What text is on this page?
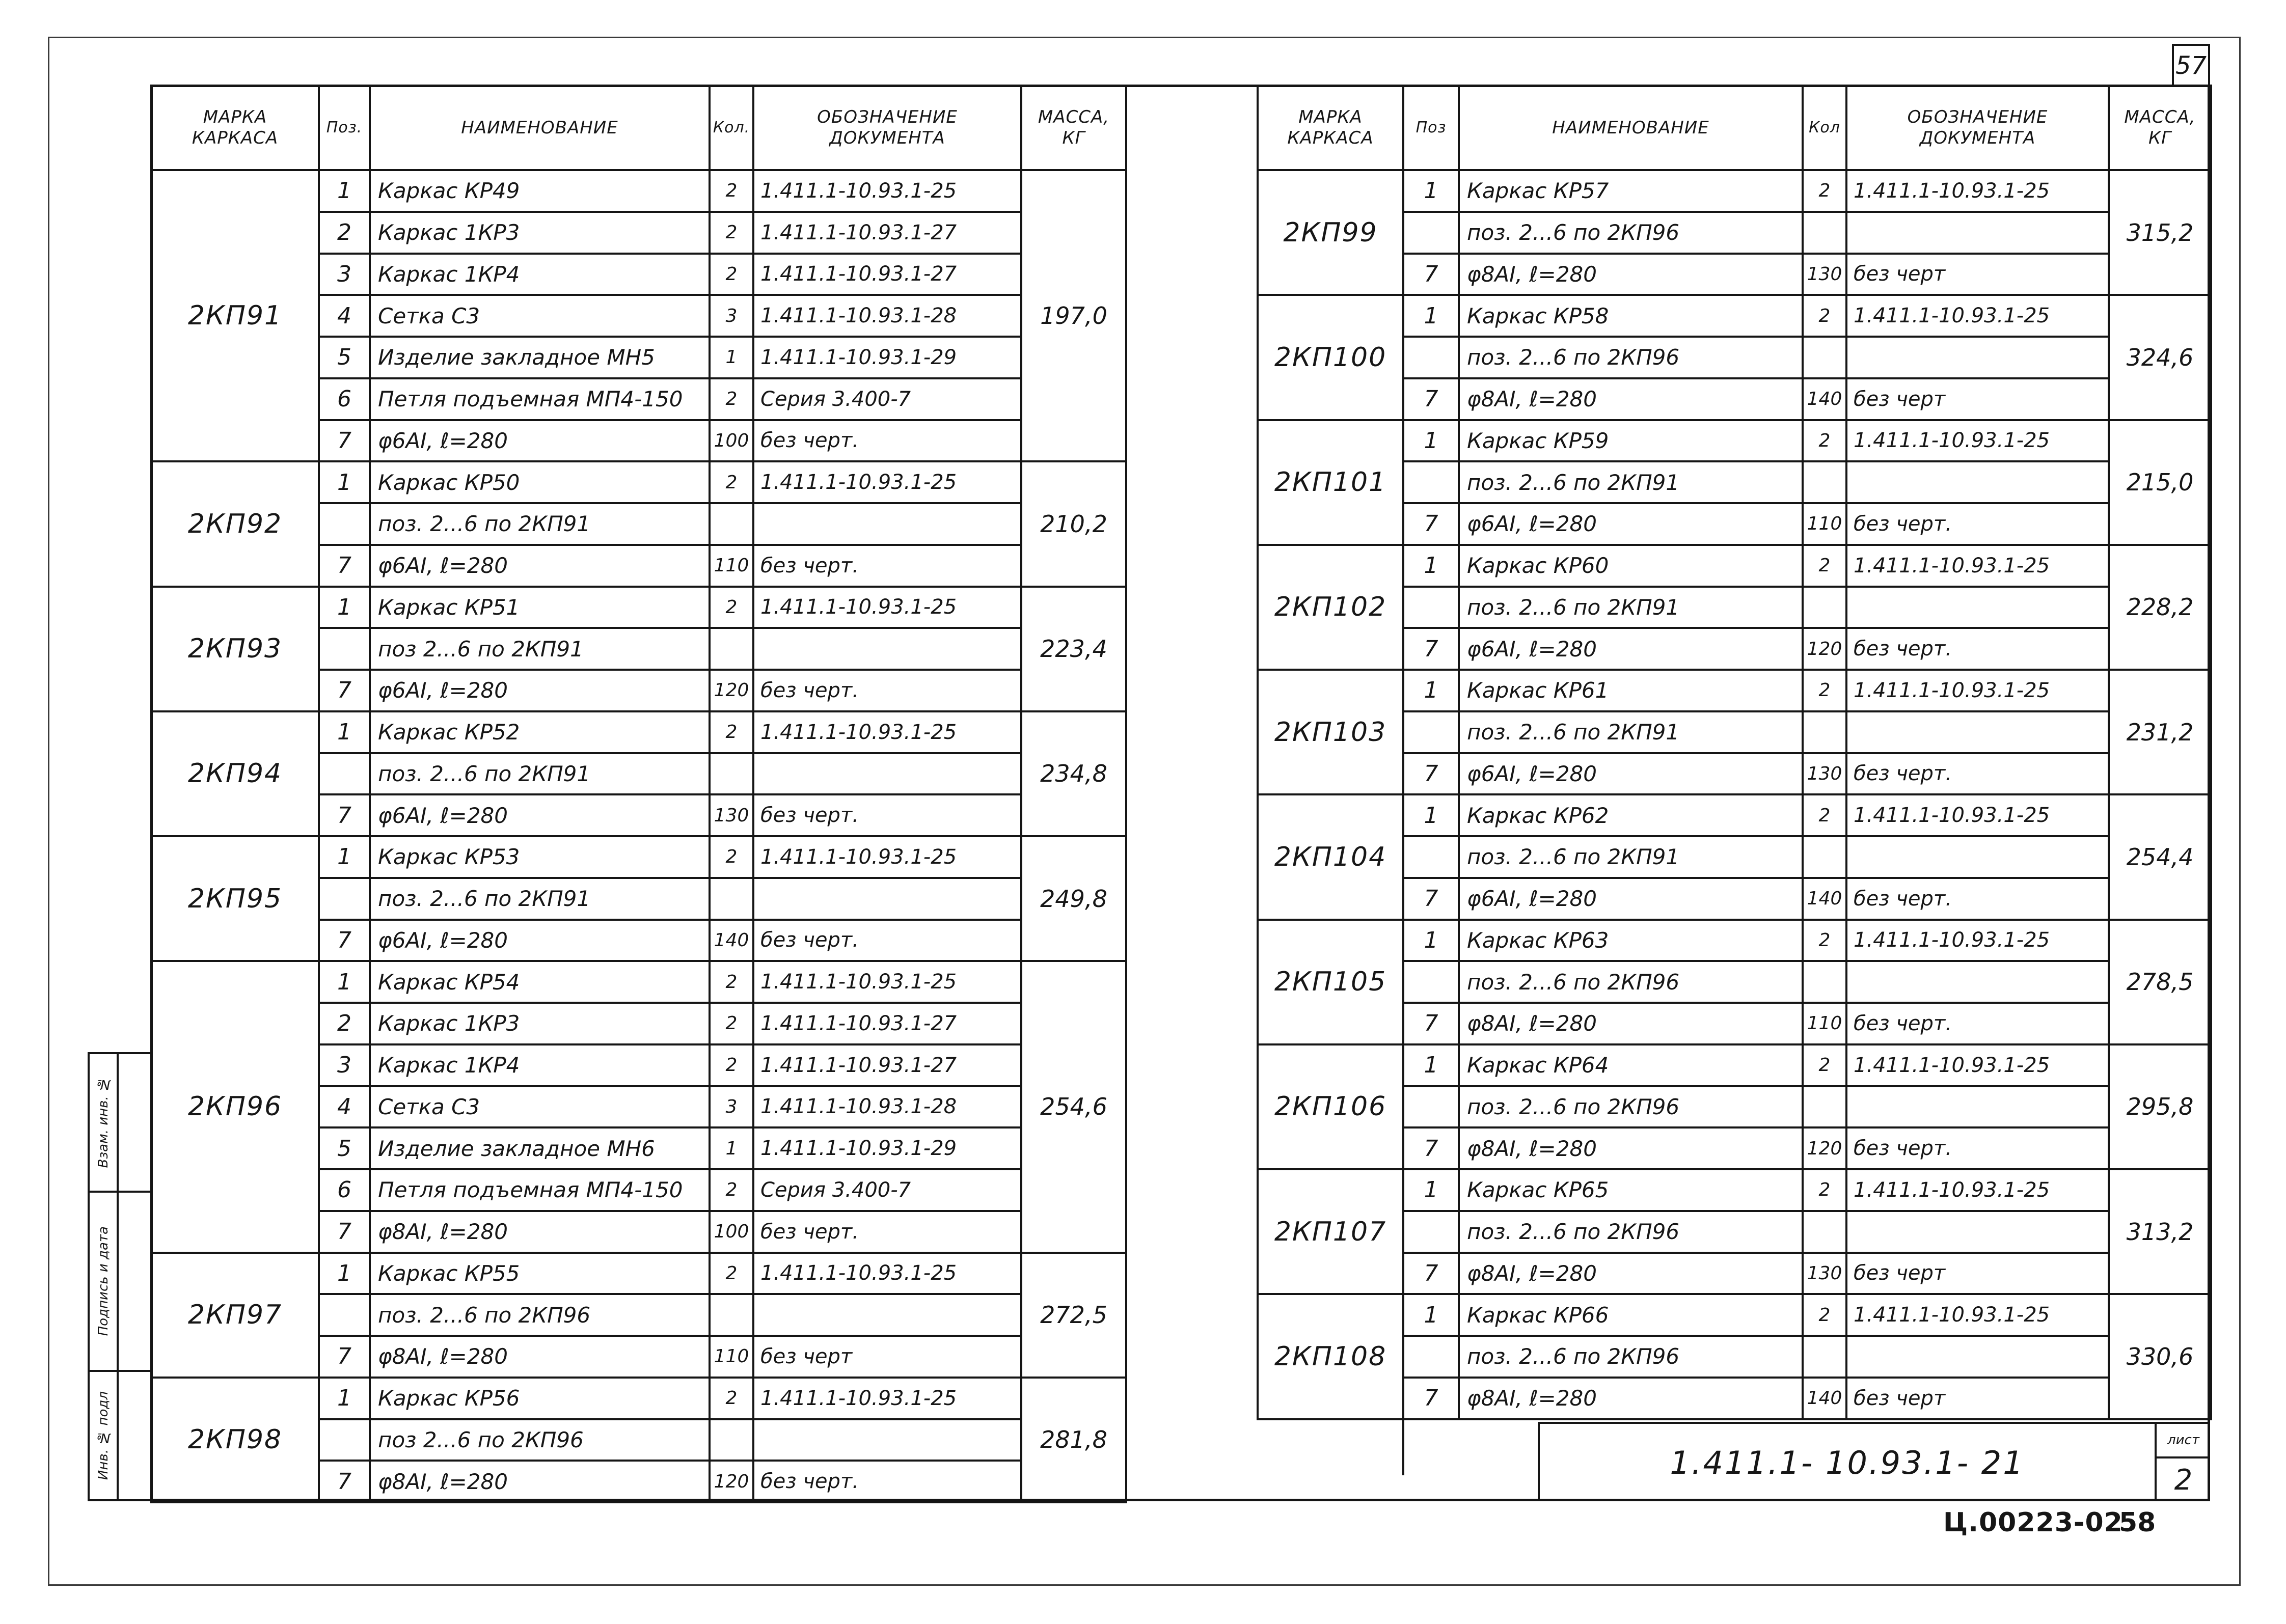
57
МАРКА
КАРКАСА	Поз.	НАИМЕНОВАНИЕ	Кол.	ОБОЗНАЧЕНИЕ
ДОКУМЕНТА	МАССА,
КГ

2КП91	1	Каркас КР49	2	1.411.1-10.93.1-25	197,0
	2	Каркас 1КР3	2	1.411.1-10.93.1-27	
	3	Каркас 1КР4	2	1.411.1-10.93.1-27	
	4	Сетка С3	3	1.411.1-10.93.1-28	
	5	Изделие закладное МН5	1	1.411.1-10.93.1-29	
	6	Петля подъемная МП4-150	2	Серия 3.400-7	
	7	φ6АI, ℓ=280	100	без черт.	
2КП92	1	Каркас КР50	2	1.411.1-10.93.1-25	210,2
		поз. 2...6 по 2КП91			
	7	φ6АI, ℓ=280	110	без черт.	
2КП93	1	Каркас КР51	2	1.411.1-10.93.1-25	223,4
		поз 2...6 по 2КП91			
	7	φ6АI, ℓ=280	120	без черт.	
2КП94	1	Каркас КР52	2	1.411.1-10.93.1-25	234,8
		поз. 2...6 по 2КП91			
	7	φ6АI, ℓ=280	130	без черт.	
2КП95	1	Каркас КР53	2	1.411.1-10.93.1-25	249,8
		поз. 2...6 по 2КП91			
	7	φ6АI, ℓ=280	140	без черт.	
2КП96	1	Каркас КР54	2	1.411.1-10.93.1-25	254,6
	2	Каркас 1КР3	2	1.411.1-10.93.1-27	
	3	Каркас 1КР4	2	1.411.1-10.93.1-27	
	4	Сетка С3	3	1.411.1-10.93.1-28	
	5	Изделие закладное МН6	1	1.411.1-10.93.1-29	
	6	Петля подъемная МП4-150	2	Серия 3.400-7	
	7	φ8АI, ℓ=280	100	без черт.	
2КП97	1	Каркас КР55	2	1.411.1-10.93.1-25	272,5
		поз. 2...6 по 2КП96			
	7	φ8АI, ℓ=280	110	без черт	
2КП98	1	Каркас КР56	2	1.411.1-10.93.1-25	281,8
		поз 2...6 по 2КП96			
	7	φ8АI, ℓ=280	120	без черт.	
МАРКА
КАРКАСА	Поз	НАИМЕНОВАНИЕ	Кол	ОБОЗНАЧЕНИЕ
ДОКУМЕНТА	МАССА,
КГ

2КП99	1	Каркас КР57	2	1.411.1-10.93.1-25	315,2
		поз. 2...6 по 2КП96			
	7	φ8АI, ℓ=280	130	без черт	
2КП100	1	Каркас КР58	2	1.411.1-10.93.1-25	324,6
		поз. 2...6 по 2КП96			
	7	φ8АI, ℓ=280	140	без черт	
2КП101	1	Каркас КР59	2	1.411.1-10.93.1-25	215,0
		поз. 2...6 по 2КП91			
	7	φ6АI, ℓ=280	110	без черт.	
2КП102	1	Каркас КР60	2	1.411.1-10.93.1-25	228,2
		поз. 2...6 по 2КП91			
	7	φ6АI, ℓ=280	120	без черт.	
2КП103	1	Каркас КР61	2	1.411.1-10.93.1-25	231,2
		поз. 2...6 по 2КП91			
	7	φ6АI, ℓ=280	130	без черт.	
2КП104	1	Каркас КР62	2	1.411.1-10.93.1-25	254,4
		поз. 2...6 по 2КП91			
	7	φ6АI, ℓ=280	140	без черт.	
2КП105	1	Каркас КР63	2	1.411.1-10.93.1-25	278,5
		поз. 2...6 по 2КП96			
	7	φ8АI, ℓ=280	110	без черт.	
2КП106	1	Каркас КР64	2	1.411.1-10.93.1-25	295,8
		поз. 2...6 по 2КП96			
	7	φ8АI, ℓ=280	120	без черт.	
2КП107	1	Каркас КР65	2	1.411.1-10.93.1-25	313,2
		поз. 2...6 по 2КП96			
	7	φ8АI, ℓ=280	130	без черт	
2КП108	1	Каркас КР66	2	1.411.1-10.93.1-25	330,6
		поз. 2...6 по 2КП96			
	7	φ8АI, ℓ=280	140	без черт	
1.411.1- 10.93.1- 21
лист
2
Ц.00223-02
58
Взам. инв. №
Подпись и дата
Инв. № подл
